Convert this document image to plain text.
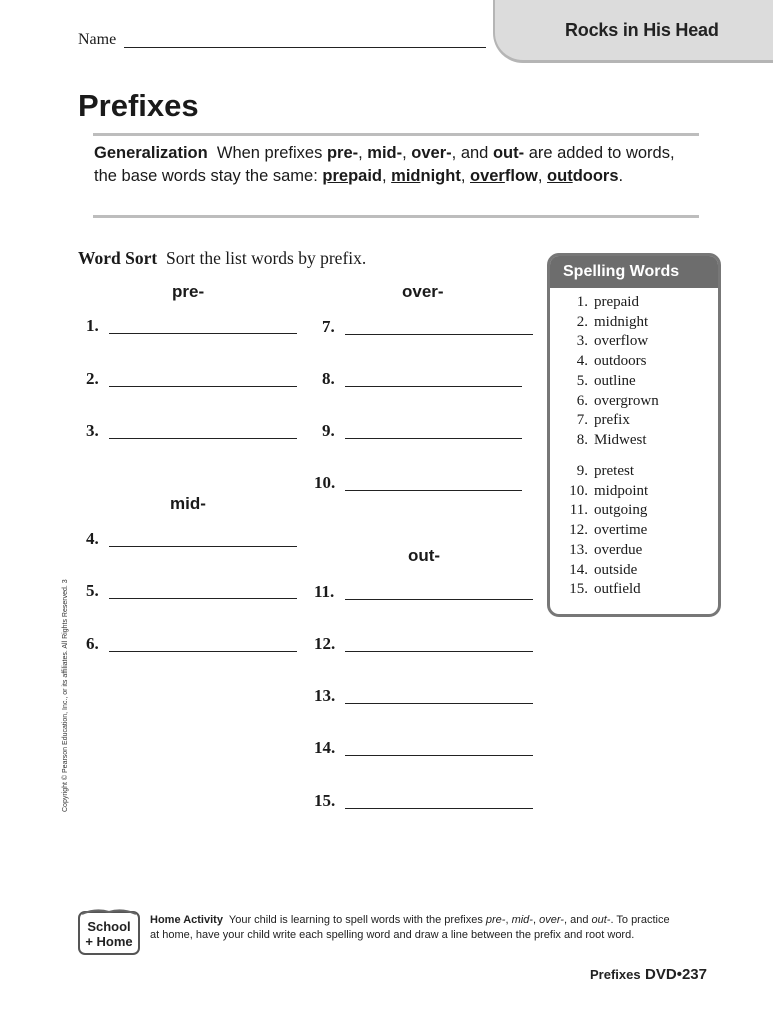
Rocks in His Head
Name
Prefixes
Generalization When prefixes pre-, mid-, over-, and out- are added to words, the base words stay the same: prepaid, midnight, overflow, outdoors.
Word Sort Sort the list words by prefix.
pre-	over-
mid-
out-
1.
2.
3.
4.
5.
6.
7.
8.
9.
10.
11.
12.
13.
14.
15.
Spelling Words
1. prepaid
2. midnight
3. overflow
4. outdoors
5. outline
6. overgrown
7. prefix
8. Midwest
9. pretest
10. midpoint
11. outgoing
12. overtime
13. overdue
14. outside
15. outfield
Copyright © Pearson Education, Inc., or its affiliates. All Rights Reserved. 3
School
+ Home
Home Activity Your child is learning to spell words with the prefixes pre-, mid-, over-, and out-. To practice at home, have your child write each spelling word and draw a line between the prefix and root word.
Prefixes DVD•237
